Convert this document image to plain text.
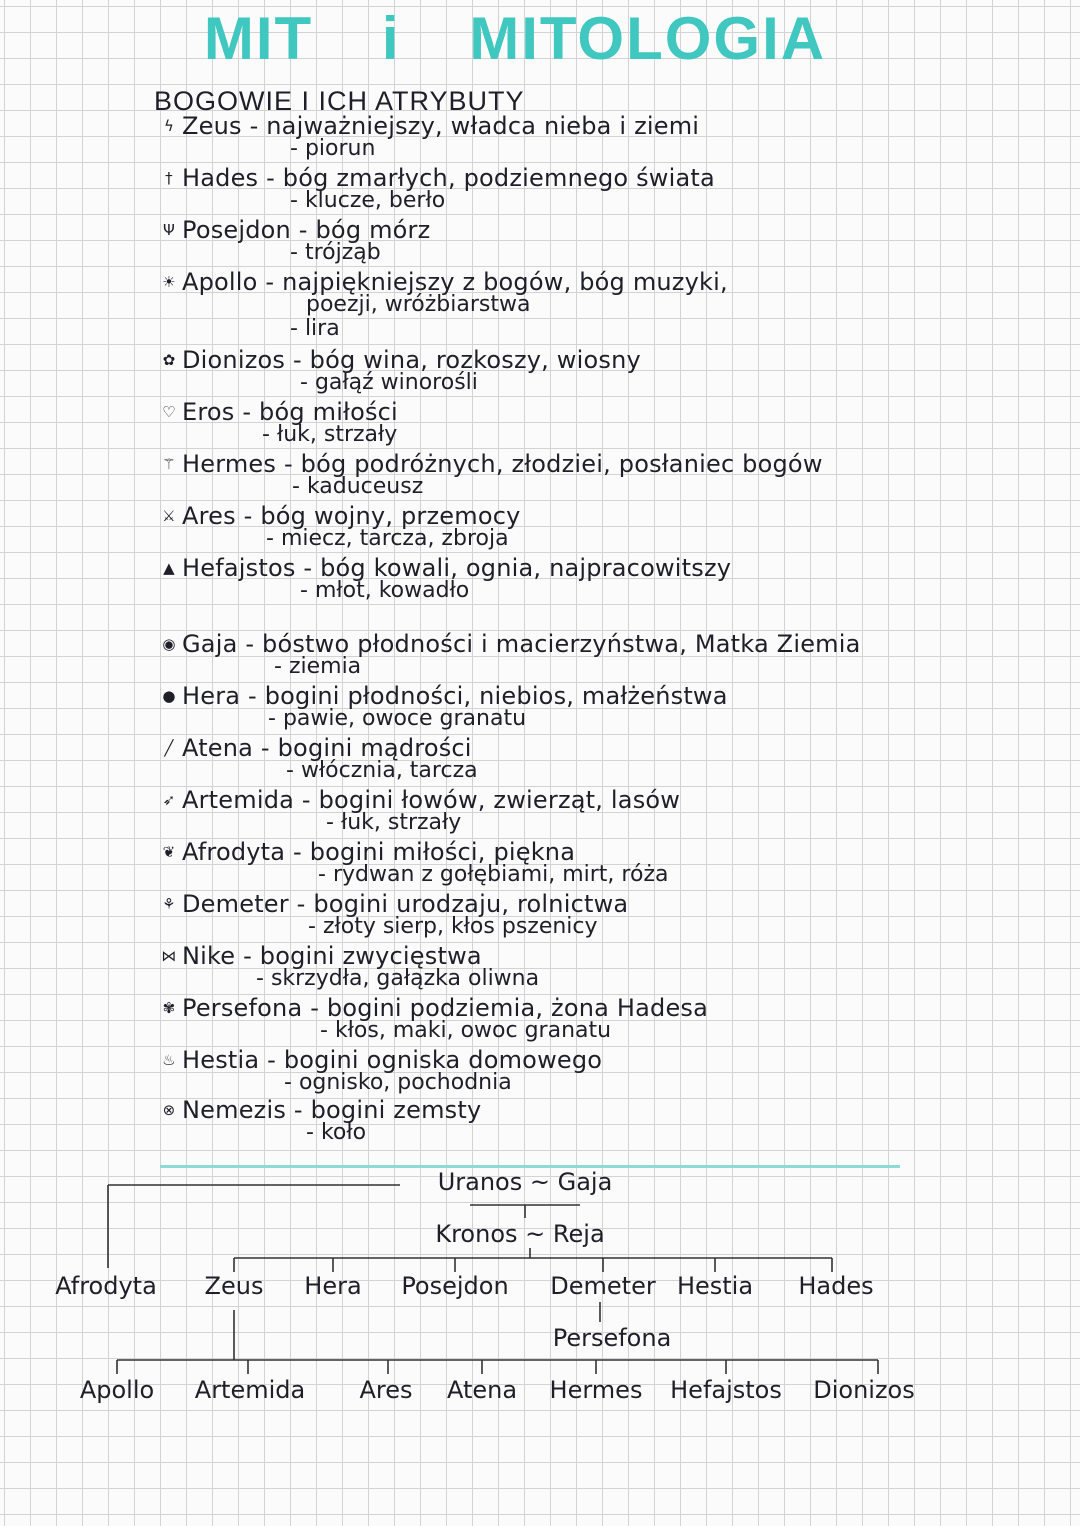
MIT i MITOLOGIA
BOGOWIE I ICH ATRYBUTY
ϟ Zeus - najważniejszy, władca nieba i ziemi
- piorun
† Hades - bóg zmarłych, podziemnego świata
- klucze, berło
Ψ Posejdon - bóg mórz
- trójząb
☀ Apollo - najpiękniejszy z bogów, bóg muzyki,
poezji, wróżbiarstwa
- lira
✿ Dionizos - bóg wina, rozkoszy, wiosny
- gałąź winorośli
♡ Eros - bóg miłości
- łuk, strzały
⚚ Hermes - bóg podróżnych, złodziei, posłaniec bogów
- kaduceusz
⚔ Ares - bóg wojny, przemocy
- miecz, tarcza, zbroja
▲ Hefajstos - bóg kowali, ognia, najpracowitszy
- młot, kowadło
◉ Gaja - bóstwo płodności i macierzyństwa, Matka Ziemia
- ziemia
● Hera - bogini płodności, niebios, małżeństwa
- pawie, owoce granatu
╱ Atena - bogini mądrości
- włócznia, tarcza
➶ Artemida - bogini łowów, zwierząt, lasów
- łuk, strzały
❦ Afrodyta - bogini miłości, piękna
- rydwan z gołębiami, mirt, róża
⚘ Demeter - bogini urodzaju, rolnictwa
- złoty sierp, kłos pszenicy
⋈ Nike - bogini zwycięstwa
- skrzydła, gałązka oliwna
✾ Persefona - bogini podziemia, żona Hadesa
- kłos, maki, owoc granatu
♨ Hestia - bogini ogniska domowego
- ognisko, pochodnia
⊗ Nemezis - bogini zemsty
- koło
Uranos ~ Gaja
Kronos ~ Reja
Afrodyta Zeus Hera Posejdon Demeter Hestia Hades
Persefona
Apollo Artemida Ares Atena Hermes Hefajstos Dionizos
